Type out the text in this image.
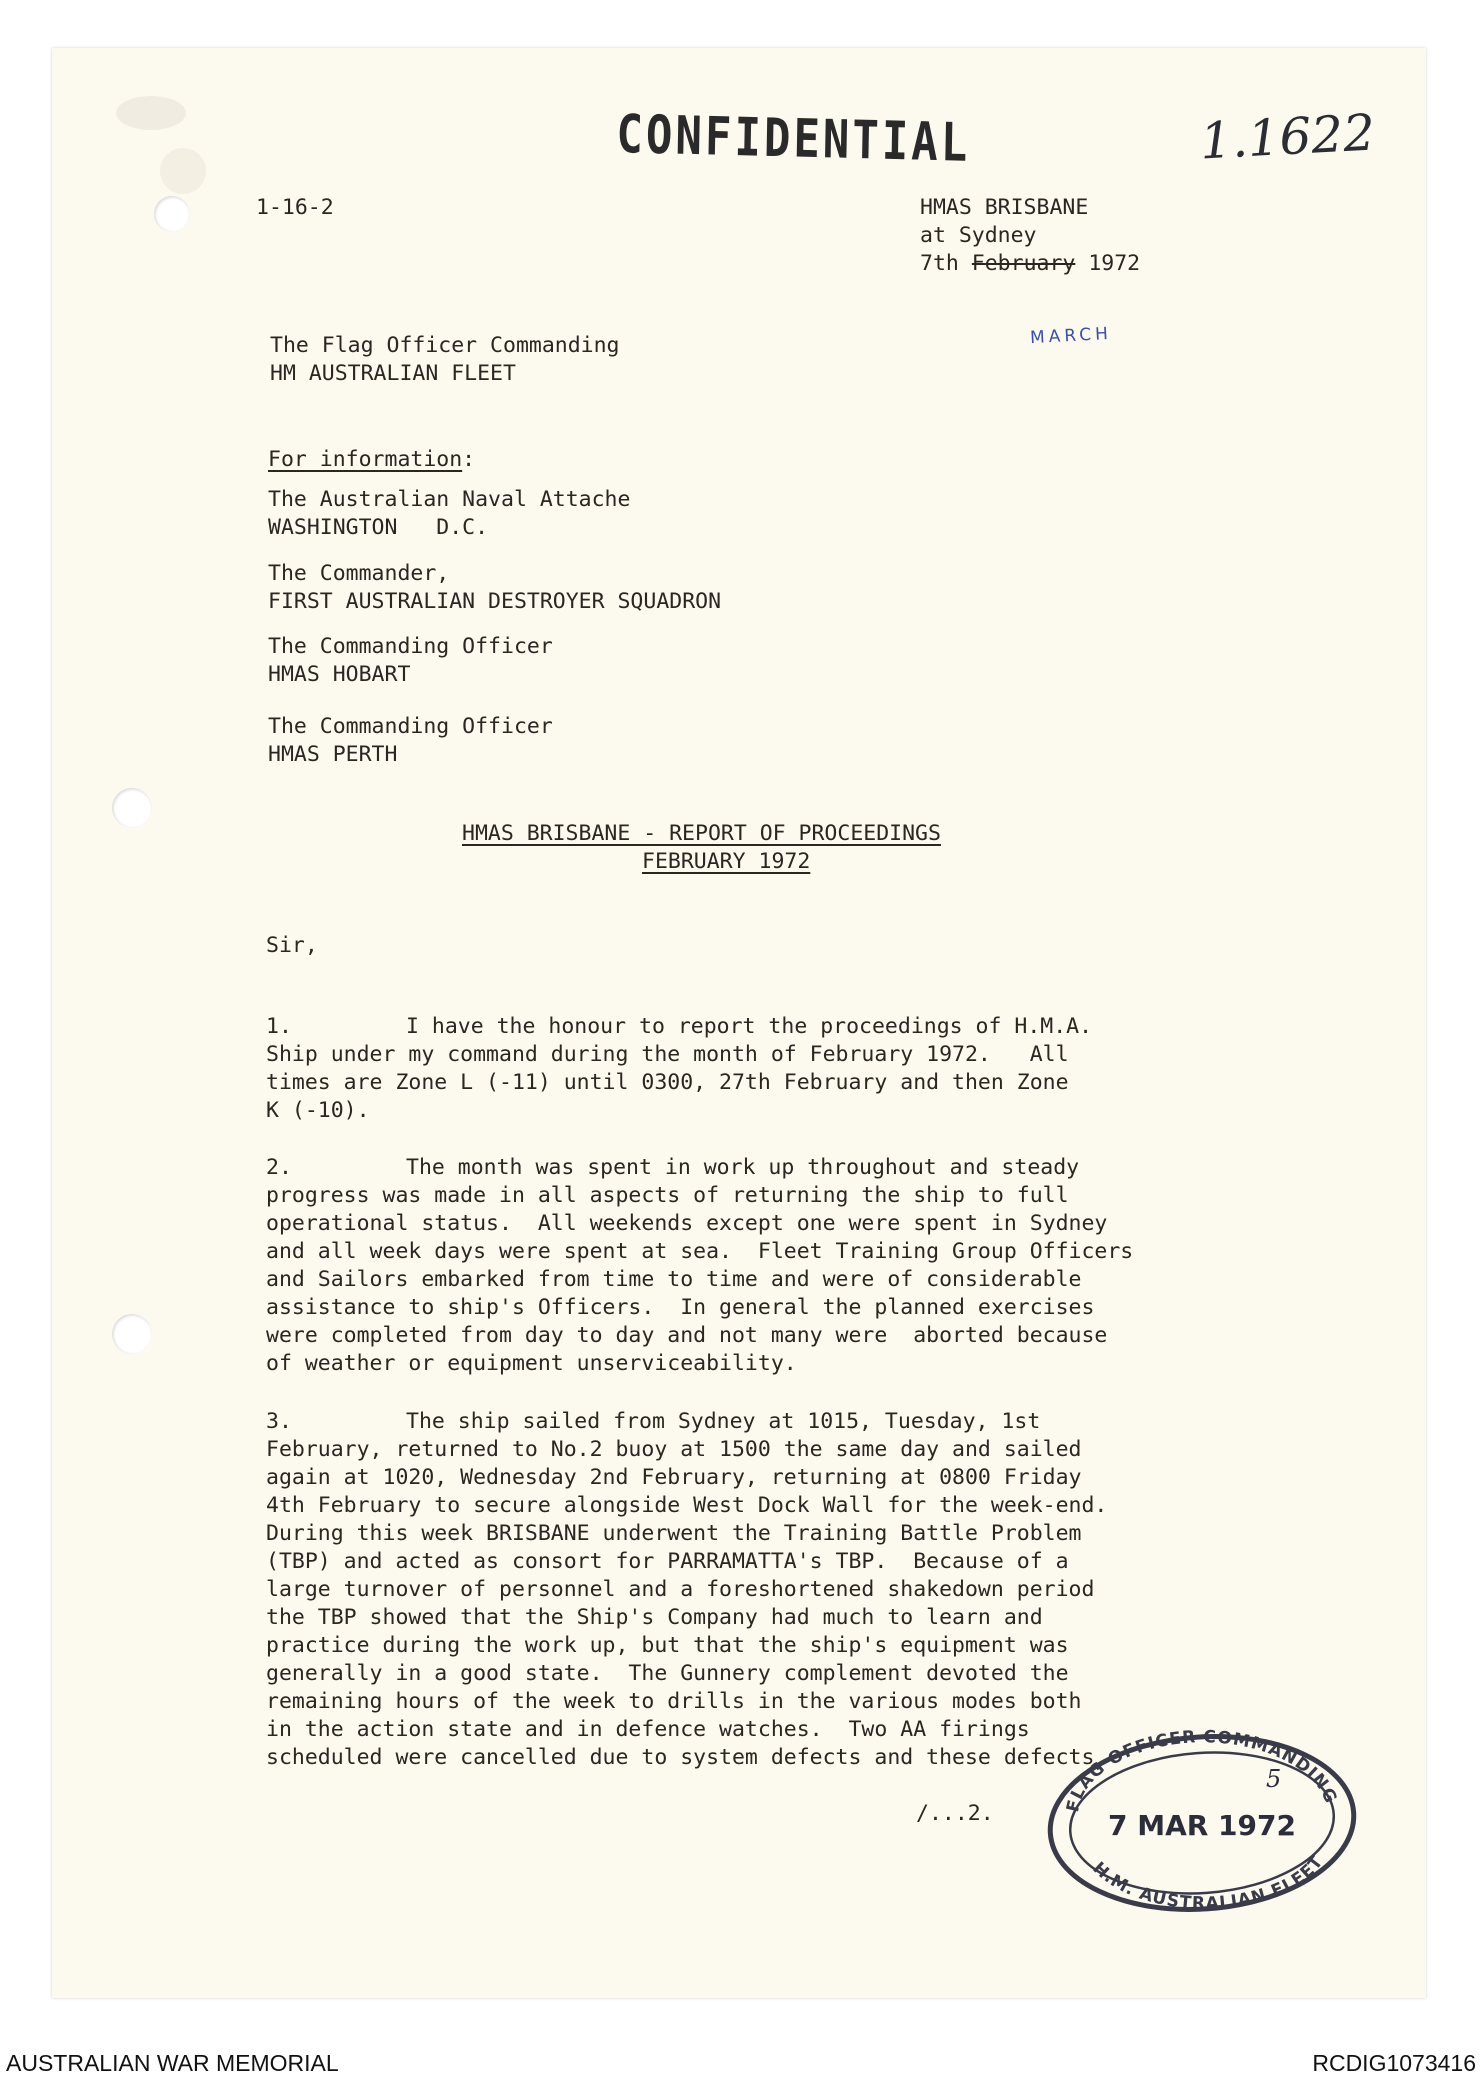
CONFIDENTIAL	1.1622

1-16-2	HMAS BRISBANE

at Sydney

7th February 1972

MARCH

The Flag Officer Commanding

HM AUSTRALIAN FLEET

For information:

The Australian Naval Attache

WASHINGTON   D.C.

The Commander,

FIRST AUSTRALIAN DESTROYER SQUADRON

The Commanding Officer

HMAS HOBART

The Commanding Officer

HMAS PERTH

HMAS BRISBANE - REPORT OF PROCEEDINGS

FEBRUARY 1972

Sir,

1.	I have the honour to report the proceedings of H.M.A.

Ship under my command during the month of February 1972.   All

times are Zone L (-11) until 0300, 27th February and then Zone

K (-10).

2.	The month was spent in work up throughout and steady

progress was made in all aspects of returning the ship to full

operational status.  All weekends except one were spent in Sydney

and all week days were spent at sea.  Fleet Training Group Officers

and Sailors embarked from time to time and were of considerable

assistance to ship's Officers.  In general the planned exercises

were completed from day to day and not many were  aborted because

of weather or equipment unserviceability.

3.	The ship sailed from Sydney at 1015, Tuesday, 1st

February, returned to No.2 buoy at 1500 the same day and sailed

again at 1020, Wednesday 2nd February, returning at 0800 Friday

4th February to secure alongside West Dock Wall for the week-end.

During this week BRISBANE underwent the Training Battle Problem

(TBP) and acted as consort for PARRAMATTA's TBP.  Because of a

large turnover of personnel and a foreshortened shakedown period

the TBP showed that the Ship's Company had much to learn and

practice during the work up, but that the ship's equipment was

generally in a good state.  The Gunnery complement devoted the

remaining hours of the week to drills in the various modes both

in the action state and in defence watches.  Two AA firings

scheduled were cancelled due to system defects and these defects

/...2.	FLAG OFFICER COMMANDING
H.M. AUSTRALIAN FLEET
7 MAR 1972
5

AUSTRALIAN WAR MEMORIAL	RCDIG1073416
